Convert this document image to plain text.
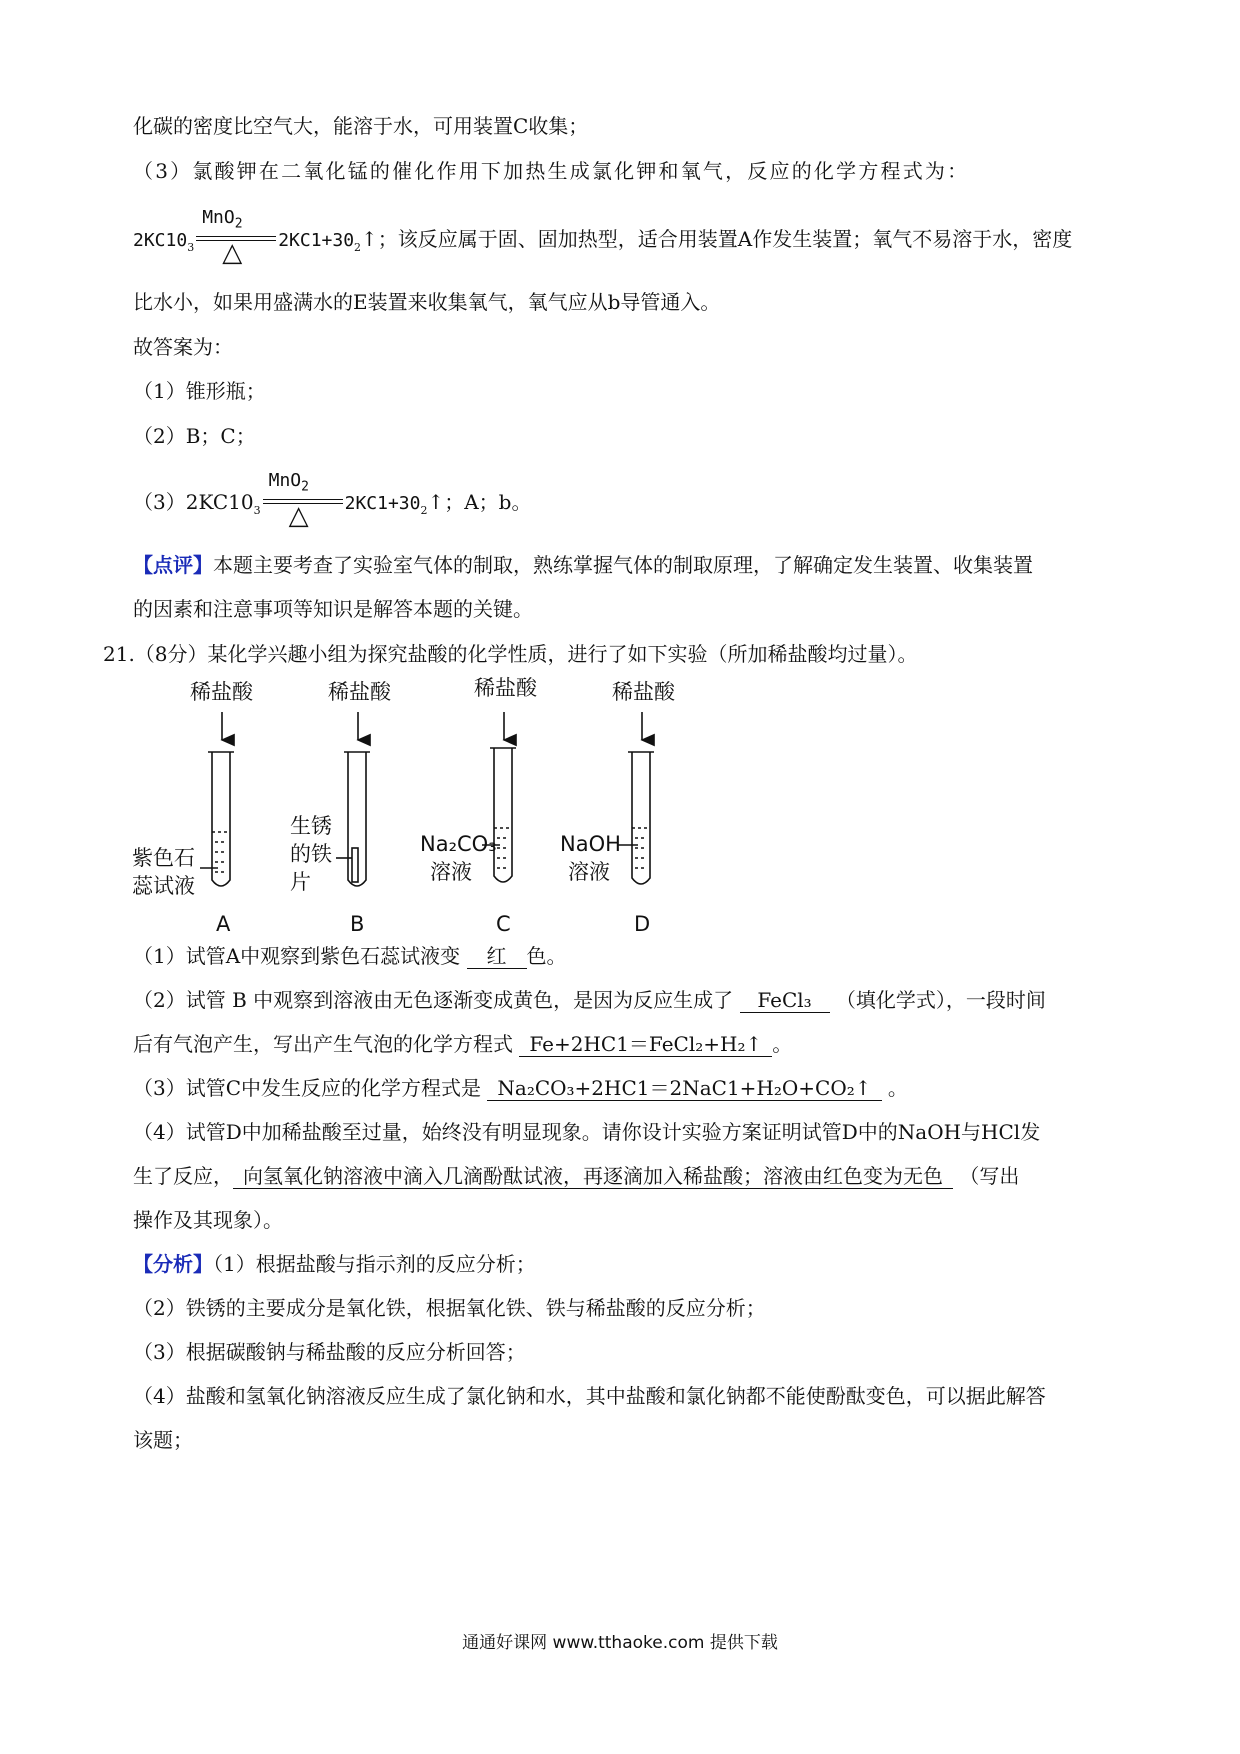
化碳的密度比空气大，能溶于水，可用装置C收集；
（3）氯酸钾在二氧化锰的催化作用下加热生成氯化钾和氧气，反应的化学方程式为：
$2KC10_3$
MnO$_2$
△ $2KC1+30_2↑$；该反应属于固、固加热型，适合用装置A作发生装置；氧气不易溶于水，密度
比水小，如果用盛满水的E装置来收集氧气，氧气应从b导管通入。
故答案为：
（1）锥形瓶；
（2）B；C；
$(3)2KC10_3$
MnO$_2$
△ $2KC1+30_2↑$；A；b。
【点评】本题主要考查了实验室气体的制取，熟练掌握气体的制取原理，了解确定发生装置、收集装置
的因素和注意事项等知识是解答本题的关键。
21.（8分）某化学兴趣小组为探究盐酸的化学性质，进行了如下实验（所加稀盐酸均过量）。
稀盐酸	稀盐酸	稀盐酸	稀盐酸
紫色石
蕊试液
生锈
的铁
片
Na₂CO₃
溶液
NaOH
溶液
A	B	C	D
（1）试管A中观察到紫色石蕊试液变 红 色。
（2）试管 B 中观察到溶液由无色逐渐变成黄色，是因为反应生成了 FeCl₃ （填化学式），一段时间
后有气泡产生，写出产生气泡的化学方程式 Fe+2HC1＝FeCl₂+H₂↑ 。
（3）试管C中发生反应的化学方程式是 Na₂CO₃+2HC1＝2NaC1+H₂O+CO₂↑ 。
（4）试管D中加稀盐酸至过量，始终没有明显现象。请你设计实验方案证明试管D中的NaOH与HCl发
生了反应， 向氢氧化钠溶液中滴入几滴酚酞试液，再逐滴加入稀盐酸；溶液由红色变为无色 （写出
操作及其现象）。
【分析】（1）根据盐酸与指示剂的反应分析；
（2）铁锈的主要成分是氧化铁，根据氧化铁、铁与稀盐酸的反应分析；
（3）根据碳酸钠与稀盐酸的反应分析回答；
（4）盐酸和氢氧化钠溶液反应生成了氯化钠和水，其中盐酸和氯化钠都不能使酚酞变色，可以据此解答
该题；
通通好课网 www.tthaoke.com 提供下载
